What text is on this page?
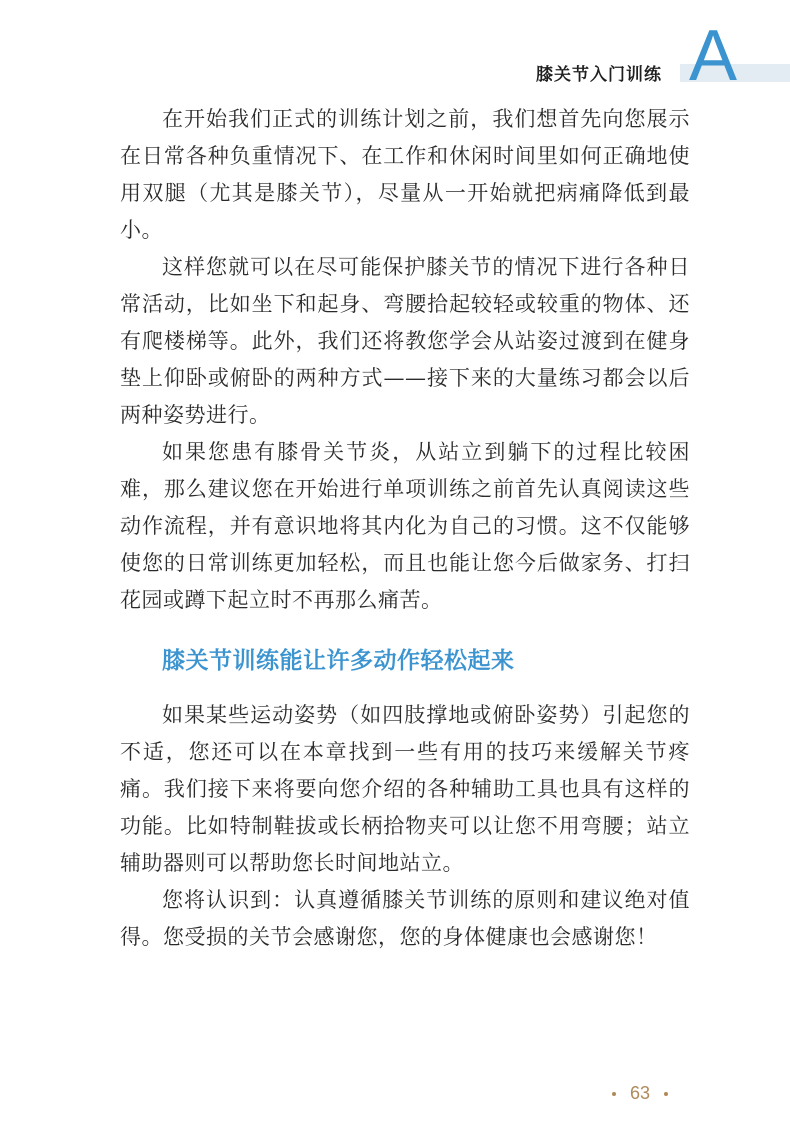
膝关节入门训练 A

在开始我们正式的训练计划之前，我们想首先向您展示在日常各种负重情况下、在工作和休闲时间里如何正确地使用双腿（尤其是膝关节），尽量从一开始就把病痛降低到最小。

这样您就可以在尽可能保护膝关节的情况下进行各种日常活动，比如坐下和起身、弯腰拾起较轻或较重的物体、还有爬楼梯等。此外，我们还将教您学会从站姿过渡到在健身垫上仰卧或俯卧的两种方式——接下来的大量练习都会以后两种姿势进行。

如果您患有膝骨关节炎，从站立到躺下的过程比较困难，那么建议您在开始进行单项训练之前首先认真阅读这些动作流程，并有意识地将其内化为自己的习惯。这不仅能够使您的日常训练更加轻松，而且也能让您今后做家务、打扫花园或蹲下起立时不再那么痛苦。

膝关节训练能让许多动作轻松起来

如果某些运动姿势（如四肢撑地或俯卧姿势）引起您的不适，您还可以在本章找到一些有用的技巧来缓解关节疼痛。我们接下来将要向您介绍的各种辅助工具也具有这样的功能。比如特制鞋拔或长柄拾物夹可以让您不用弯腰；站立辅助器则可以帮助您长时间地站立。

您将认识到：认真遵循膝关节训练的原则和建议绝对值得。您受损的关节会感谢您，您的身体健康也会感谢您！

63
